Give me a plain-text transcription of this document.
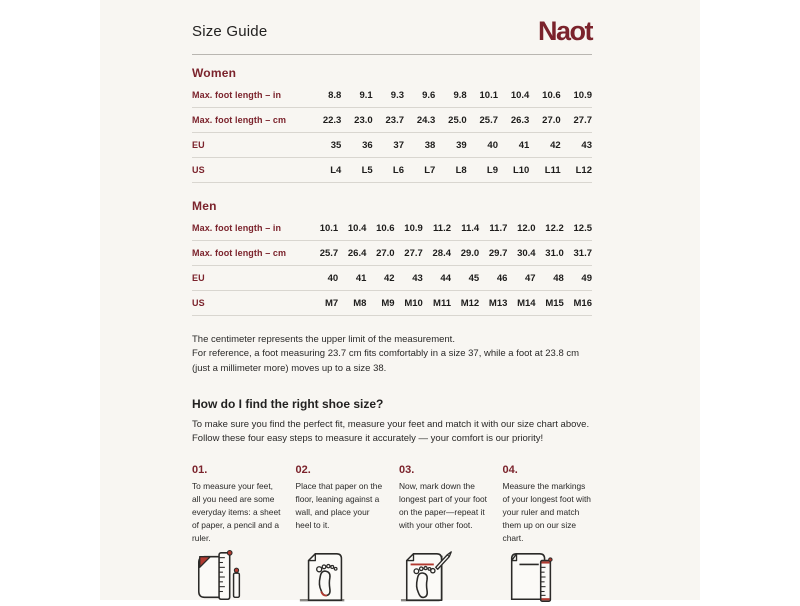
Size Guide	Naot
Women
Max. foot length – in	8.8	9.1	9.3	9.6	9.8	10.1	10.4	10.6	10.9
Max. foot length – cm	22.3	23.0	23.7	24.3	25.0	25.7	26.3	27.0	27.7
EU	35	36	37	38	39	40	41	42	43
US	L4	L5	L6	L7	L8	L9	L10	L11	L12
Men
Max. foot length – in	10.1	10.4	10.6	10.9	11.2	11.4	11.7	12.0	12.2	12.5
Max. foot length – cm	25.7	26.4	27.0	27.7	28.4	29.0	29.7	30.4	31.0	31.7
EU	40	41	42	43	44	45	46	47	48	49
US	M7	M8	M9	M10	M11	M12	M13	M14	M15	M16
The centimeter represents the upper limit of the measurement.
For reference, a foot measuring 23.7 cm fits comfortably in a size 37, while a foot at 23.8 cm (just a millimeter more) moves up to a size 38.
How do I find the right shoe size?
To make sure you find the perfect fit, measure your feet and match it with our size chart above. Follow these four easy steps to measure it accurately — your comfort is our priority!
01.
To measure your feet, all you need are some everyday items: a sheet of paper, a pencil and a ruler.
02.
Place that paper on the floor, leaning against a wall, and place your heel to it.
03.
Now, mark down the longest part of your foot on the paper—repeat it with your other foot.
04.
Measure the markings of your longest foot with your ruler and match them up on our size chart.
